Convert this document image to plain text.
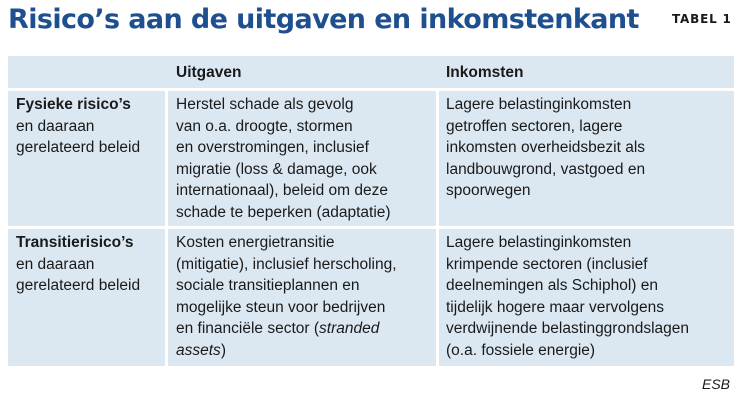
Risico’s aan de uitgaven en inkomstenkant	TABEL 1
Uitgaven	Inkomsten
Fysieke risico’s
en daaraan
gerelateerd beleid
Herstel schade als gevolg
van o.a. droogte, stormen
en overstromingen, inclusief
migratie (loss & damage, ook
internationaal), beleid om deze
schade te beperken (adaptatie)
Lagere belastinginkomsten
getroffen sectoren, lagere
inkomsten overheidsbezit als
landbouwgrond, vastgoed en
spoorwegen
Transitierisico’s
en daaraan
gerelateerd beleid
Kosten energietransitie
(mitigatie), inclusief herscholing,
sociale transitieplannen en
mogelijke steun voor bedrijven
en financiële sector (stranded
assets)
Lagere belastinginkomsten
krimpende sectoren (inclusief
deelnemingen als Schiphol) en
tijdelijk hogere maar vervolgens
verdwijnende belastinggrondslagen
(o.a. fossiele energie)
ESB
